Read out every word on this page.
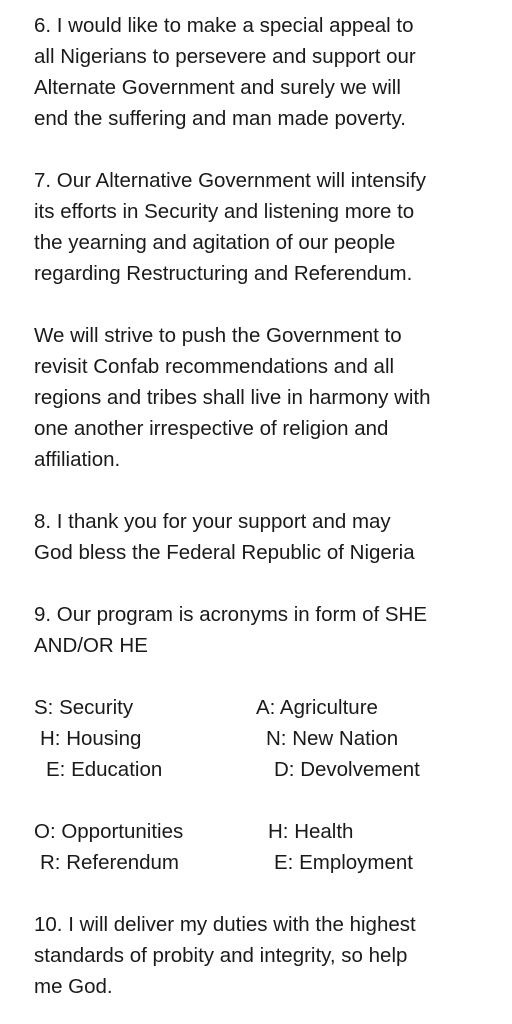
6. I would like to make a special appeal to
all Nigerians to persevere and support our
Alternate Government and surely we will
end the suffering and man made poverty.
7. Our Alternative Government will intensify
its efforts in Security and listening more to
the yearning and agitation of our people
regarding Restructuring and Referendum.
We will strive to push the Government to
revisit Confab recommendations and all
regions and tribes shall live in harmony with
one another irrespective of religion and
affiliation.
8. I thank you for your support and may
God bless the Federal Republic of Nigeria
9. Our program is acronyms in form of SHE
AND/OR HE
S: Security	A: Agriculture
H: Housing	N: New Nation
E: Education	D: Devolvement
O: Opportunities	H: Health
R: Referendum	E: Employment
10. I will deliver my duties with the highest
standards of probity and integrity, so help
me God.
